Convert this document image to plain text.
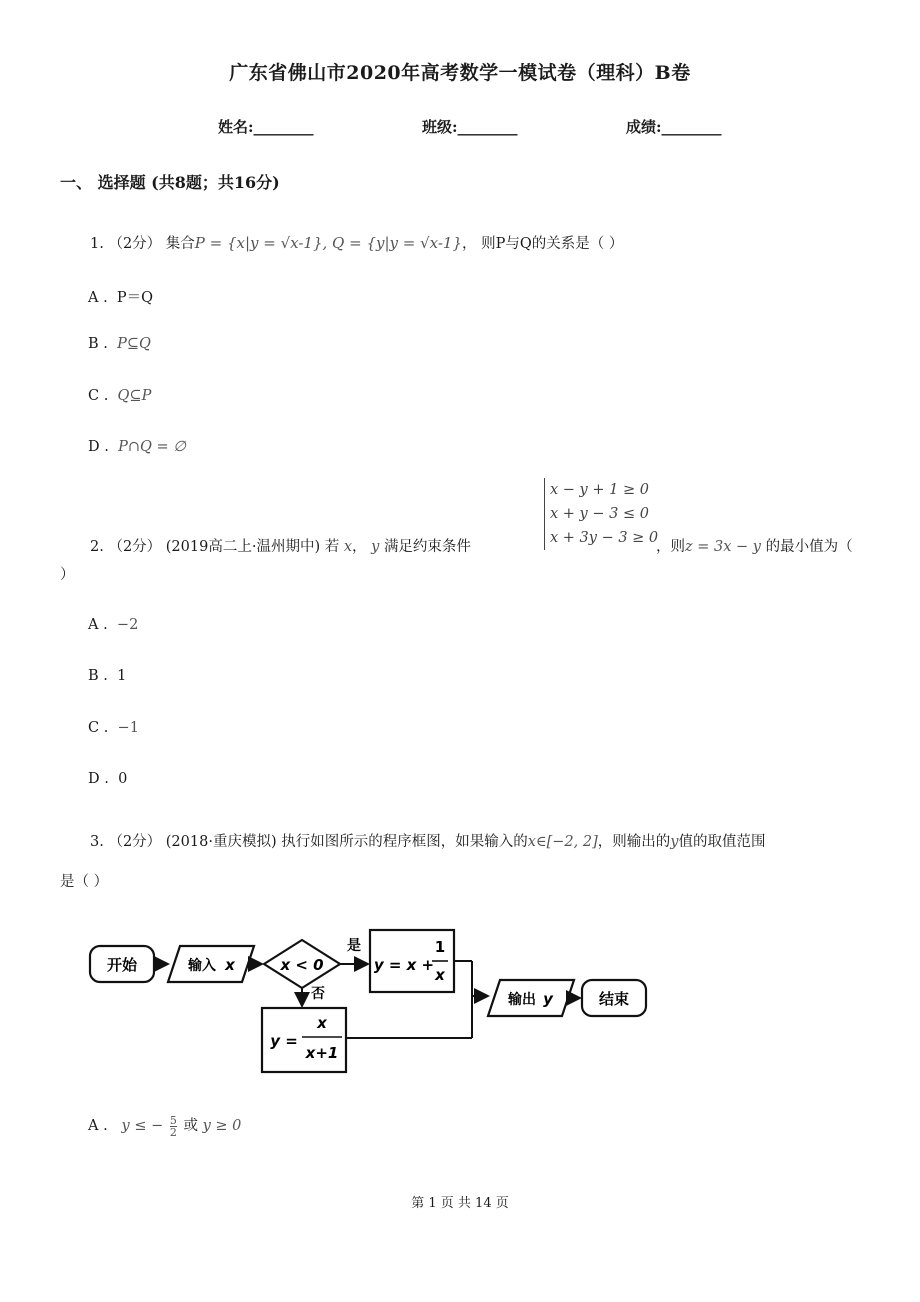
广东省佛山市2020年高考数学一模试卷（理科）B卷
姓名:________	班级:________	成绩:________
一、 选择题 (共8题；共16分)
1. （2分） 集合P = {x|y = √x-1}, Q = {y|y = √x-1}， 则P与Q的关系是（ ）
A . P＝Q
B . P⊆Q
C . Q⊆P
D . P∩Q = ∅
2. （2分） (2019高二上·温州期中) 若 x， y 满足约束条件
x − y + 1 ≥ 0
x + y − 3 ≤ 0
x + 3y − 3 ≥ 0
，则z = 3x − y 的最小值为（
）
A . −2
B . 1
C . −1
D . 0
3. （2分） (2018·重庆模拟) 执行如图所示的程序框图，如果输入的x∈[−2, 2]，则输出的y值的取值范围
是（ ）
开始	输入 x	x < 0
是
y = x +
1
x
否
y =
x
x+1
输出 y	结束
A . y ≤ − $\frac{5}{2}$ 或 y ≥ 0
第 1 页 共 14 页
